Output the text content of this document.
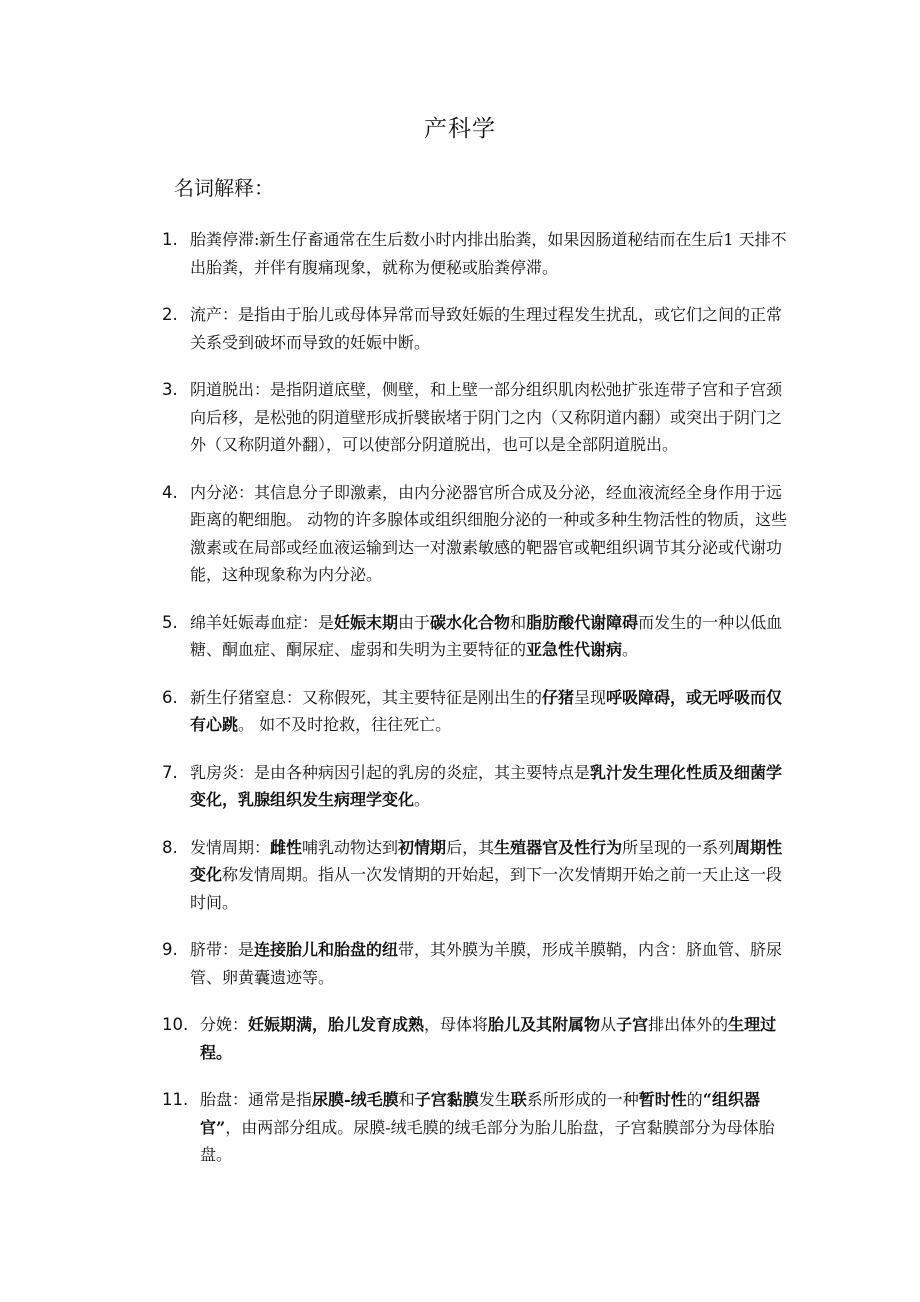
产科学
名词解释：
1. 胎粪停滞:新生仔畜通常在生后数小时内排出胎粪，如果因肠道秘结而在生后1 天排不出胎粪，并伴有腹痛现象，就称为便秘或胎粪停滞。
2. 流产：是指由于胎儿或母体异常而导致妊娠的生理过程发生扰乱，或它们之间的正常关系受到破坏而导致的妊娠中断。
3. 阴道脱出：是指阴道底壁，侧壁，和上壁一部分组织肌肉松弛扩张连带子宫和子宫颈向后移，是松弛的阴道壁形成折襞嵌堵于阴门之内（又称阴道内翻）或突出于阴门之外（又称阴道外翻），可以使部分阴道脱出，也可以是全部阴道脱出。
4. 内分泌：其信息分子即激素，由内分泌器官所合成及分泌，经血液流经全身作用于远距离的靶细胞。 动物的许多腺体或组织细胞分泌的一种或多种生物活性的物质，这些激素或在局部或经血液运输到达一对激素敏感的靶器官或靶组织调节其分泌或代谢功能，这种现象称为内分泌。
5. 绵羊妊娠毒血症：是妊娠末期由于碳水化合物和脂肪酸代谢障碍而发生的一种以低血糖、酮血症、酮尿症、虚弱和失明为主要特征的亚急性代谢病。
6. 新生仔猪窒息：又称假死，其主要特征是刚出生的仔猪呈现呼吸障碍，或无呼吸而仅有心跳。 如不及时抢救，往往死亡。
7. 乳房炎：是由各种病因引起的乳房的炎症，其主要特点是乳汁发生理化性质及细菌学变化，乳腺组织发生病理学变化。
8. 发情周期：雌性哺乳动物达到初情期后，其生殖器官及性行为所呈现的一系列周期性变化称发情周期。指从一次发情期的开始起，到下一次发情期开始之前一天止这一段时间。
9. 脐带：是连接胎儿和胎盘的纽带，其外膜为羊膜，形成羊膜鞘，内含：脐血管、脐尿管、卵黄囊遗迹等。
10. 分娩：妊娠期满，胎儿发育成熟，母体将胎儿及其附属物从子宫排出体外的生理过程。
11. 胎盘：通常是指尿膜-绒毛膜和子宫黏膜发生联系所形成的一种暂时性的“组织器官”，由两部分组成。尿膜-绒毛膜的绒毛部分为胎儿胎盘，子宫黏膜部分为母体胎盘。
